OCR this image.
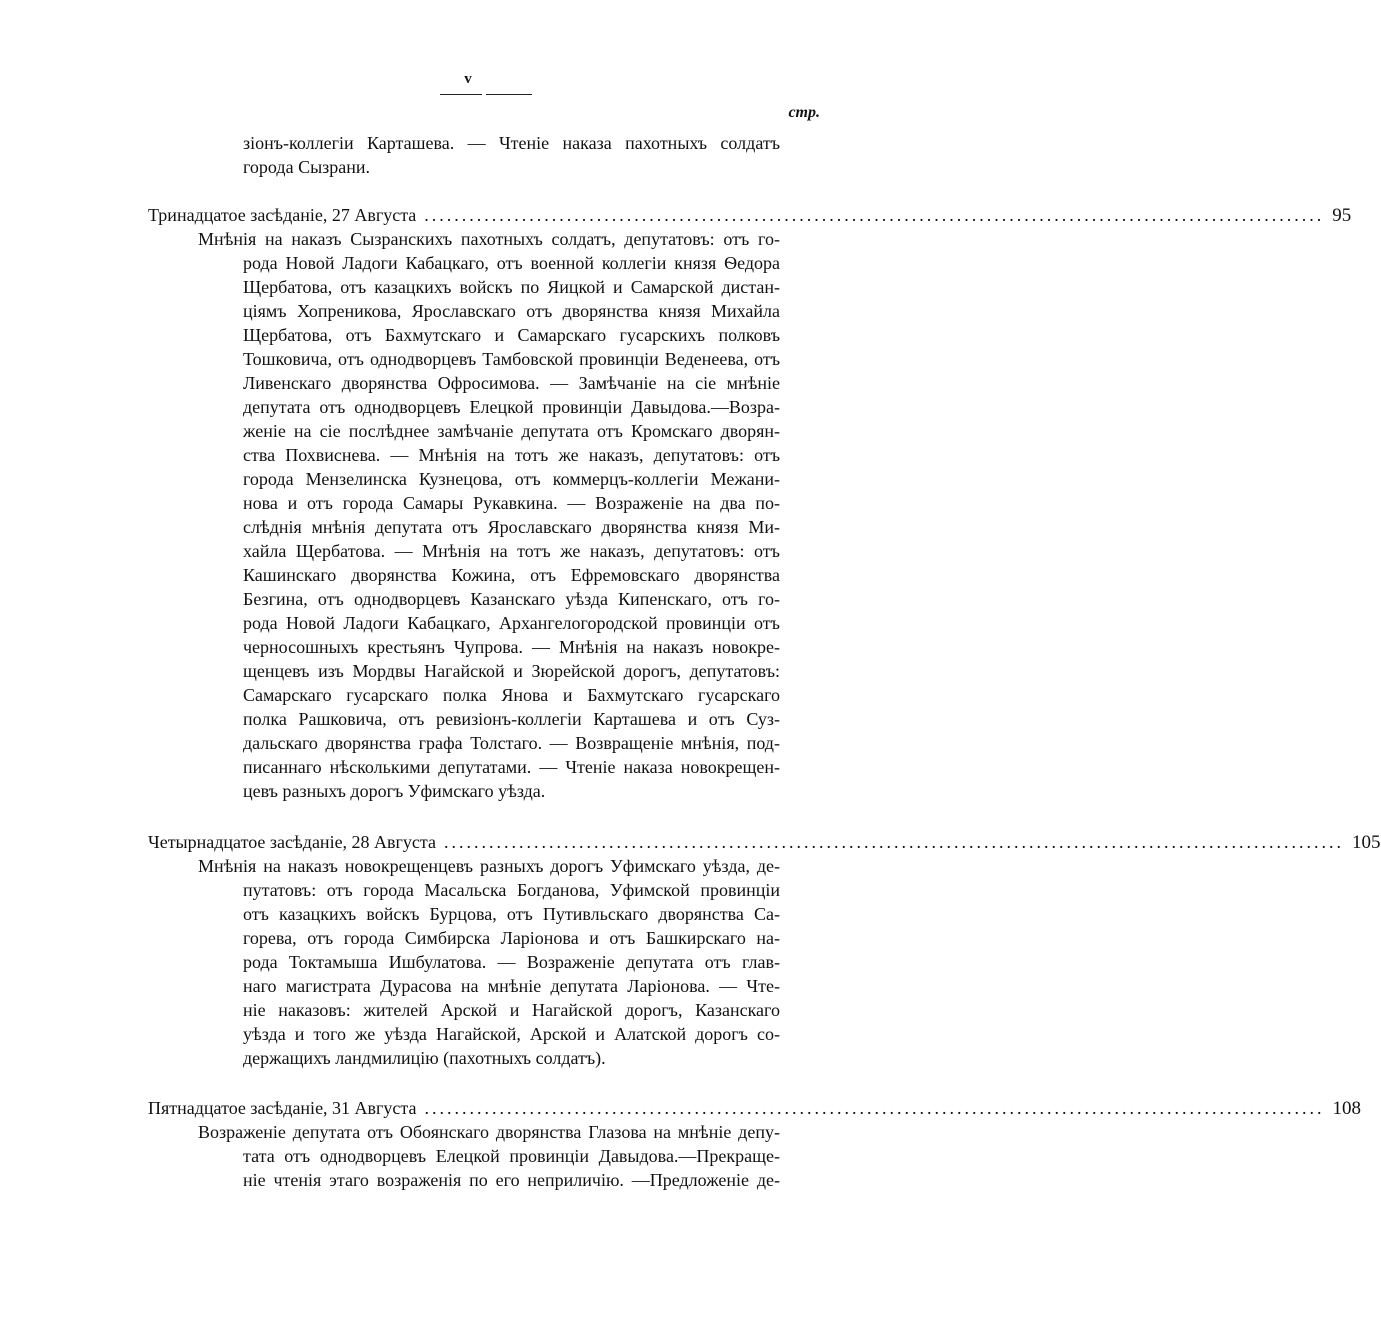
v
стр.
зіонъ-коллегіи Карташева. — Чтеніе наказа пахотныхъ солдатъ
города Сызрани.
Тринадцатое засѣданіе, 27 Августа ........................................................................................................................ 95
Мнѣнія на наказъ Сызранскихъ пахотныхъ солдатъ, депутатовъ: отъ го-
рода Новой Ладоги Кабацкаго, отъ военной коллегіи князя Ѳедора
Щербатова, отъ казацкихъ войскъ по Яицкой и Самарской дистан-
ціямъ Хопреникова, Ярославскаго отъ дворянства князя Михайла
Щербатова, отъ Бахмутскаго и Самарскаго гусарскихъ полковъ
Тошковича, отъ однодворцевъ Тамбовской провинціи Веденеева, отъ
Ливенскаго дворянства Офросимова. — Замѣчаніе на сіе мнѣніе
депутата отъ однодворцевъ Елецкой провинціи Давыдова.—Возра-
женіе на сіе послѣднее замѣчаніе депутата отъ Кромскаго дворян-
ства Похвиснева. — Мнѣнія на тотъ же наказъ, депутатовъ: отъ
города Мензелинска Кузнецова, отъ коммерцъ-коллегіи Межани-
нова и отъ города Самары Рукавкина. — Возраженіе на два по-
слѣднія мнѣнія депутата отъ Ярославскаго дворянства князя Ми-
хайла Щербатова. — Мнѣнія на тотъ же наказъ, депутатовъ: отъ
Кашинскаго дворянства Кожина, отъ Ефремовскаго дворянства
Безгина, отъ однодворцевъ Казанскаго уѣзда Кипенскаго, отъ го-
рода Новой Ладоги Кабацкаго, Архангелогородской провинціи отъ
черносошныхъ крестьянъ Чупрова. — Мнѣнія на наказъ новокре-
щенцевъ изъ Мордвы Нагайской и Зюрейской дорогъ, депутатовъ:
Самарскаго гусарскаго полка Янова и Бахмутскаго гусарскаго
полка Рашковича, отъ ревизіонъ-коллегіи Карташева и отъ Суз-
дальскаго дворянства графа Толстаго. — Возвращеніе мнѣнія, под-
писаннаго нѣсколькими депутатами. — Чтеніе наказа новокрещен-
цевъ разныхъ дорогъ Уфимскаго уѣзда.
Четырнадцатое засѣданіе, 28 Августа ........................................................................................................................ 105
Мнѣнія на наказъ новокрещенцевъ разныхъ дорогъ Уфимскаго уѣзда, де-
путатовъ: отъ города Масальска Богданова, Уфимской провинціи
отъ казацкихъ войскъ Бурцова, отъ Путивльскаго дворянства Са-
горева, отъ города Симбирска Ларіонова и отъ Башкирскаго на-
рода Токтамыша Ишбулатова. — Возраженіе депутата отъ глав-
наго магистрата Дурасова на мнѣніе депутата Ларіонова. — Чте-
ніе наказовъ: жителей Арской и Нагайской дорогъ, Казанскаго
уѣзда и того же уѣзда Нагайской, Арской и Алатской дорогъ со-
держащихъ ландмилицію (пахотныхъ солдатъ).
Пятнадцатое засѣданіе, 31 Августа ........................................................................................................................ 108
Возраженіе депутата отъ Обоянскаго дворянства Глазова на мнѣніе депу-
тата отъ однодворцевъ Елецкой провинціи Давыдова.—Прекраще-
ніе чтенія этаго возраженія по его неприличію. —Предложеніе де-
